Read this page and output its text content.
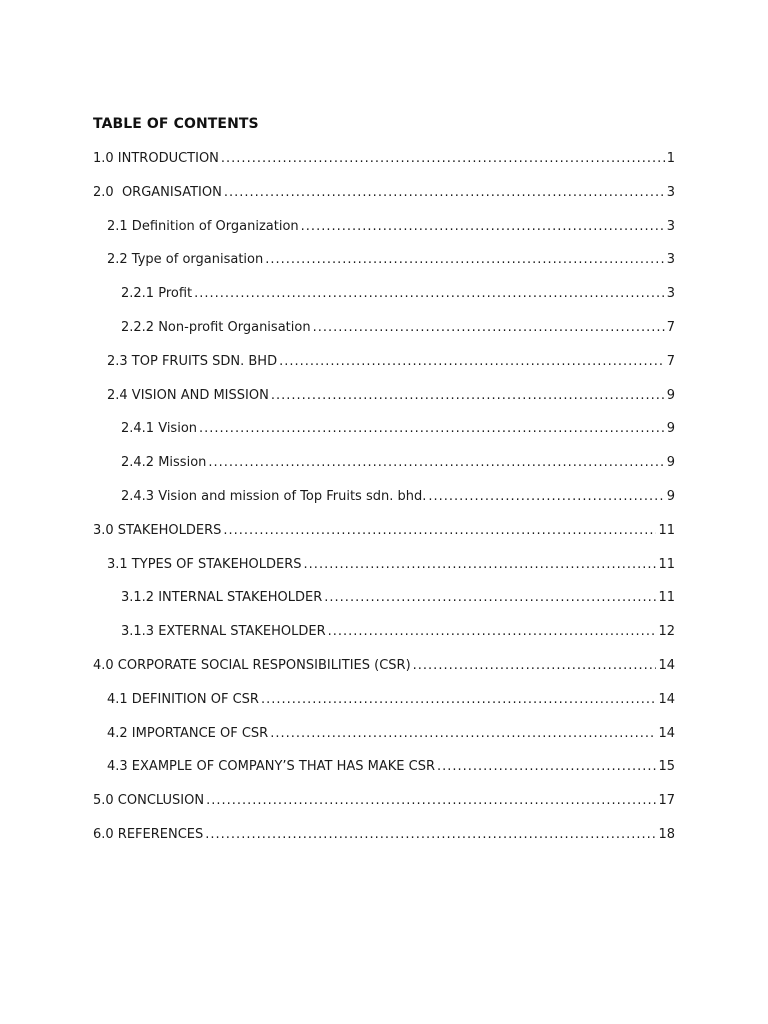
TABLE OF CONTENTS
1.0 INTRODUCTION .....	1
2.0  ORGANISATION .....	3
2.1 Definition of Organization .....	3
2.2 Type of organisation .....	3
2.2.1 Profit .....	3
2.2.2 Non-profit Organisation .....	7
2.3 TOP FRUITS SDN. BHD .....	7
2.4 VISION AND MISSION .....	9
2.4.1 Vision .....	9
2.4.2 Mission .....	9
2.4.3 Vision and mission of Top Fruits sdn. bhd. .....	9
3.0 STAKEHOLDERS .....	11
3.1 TYPES OF STAKEHOLDERS .....	11
3.1.2 INTERNAL STAKEHOLDER .....	11
3.1.3 EXTERNAL STAKEHOLDER .....	12
4.0 CORPORATE SOCIAL RESPONSIBILITIES (CSR) .....	14
4.1 DEFINITION OF CSR .....	14
4.2 IMPORTANCE OF CSR .....	14
4.3 EXAMPLE OF COMPANY’S THAT HAS MAKE CSR .....	15
5.0 CONCLUSION .....	17
6.0 REFERENCES .....	18
